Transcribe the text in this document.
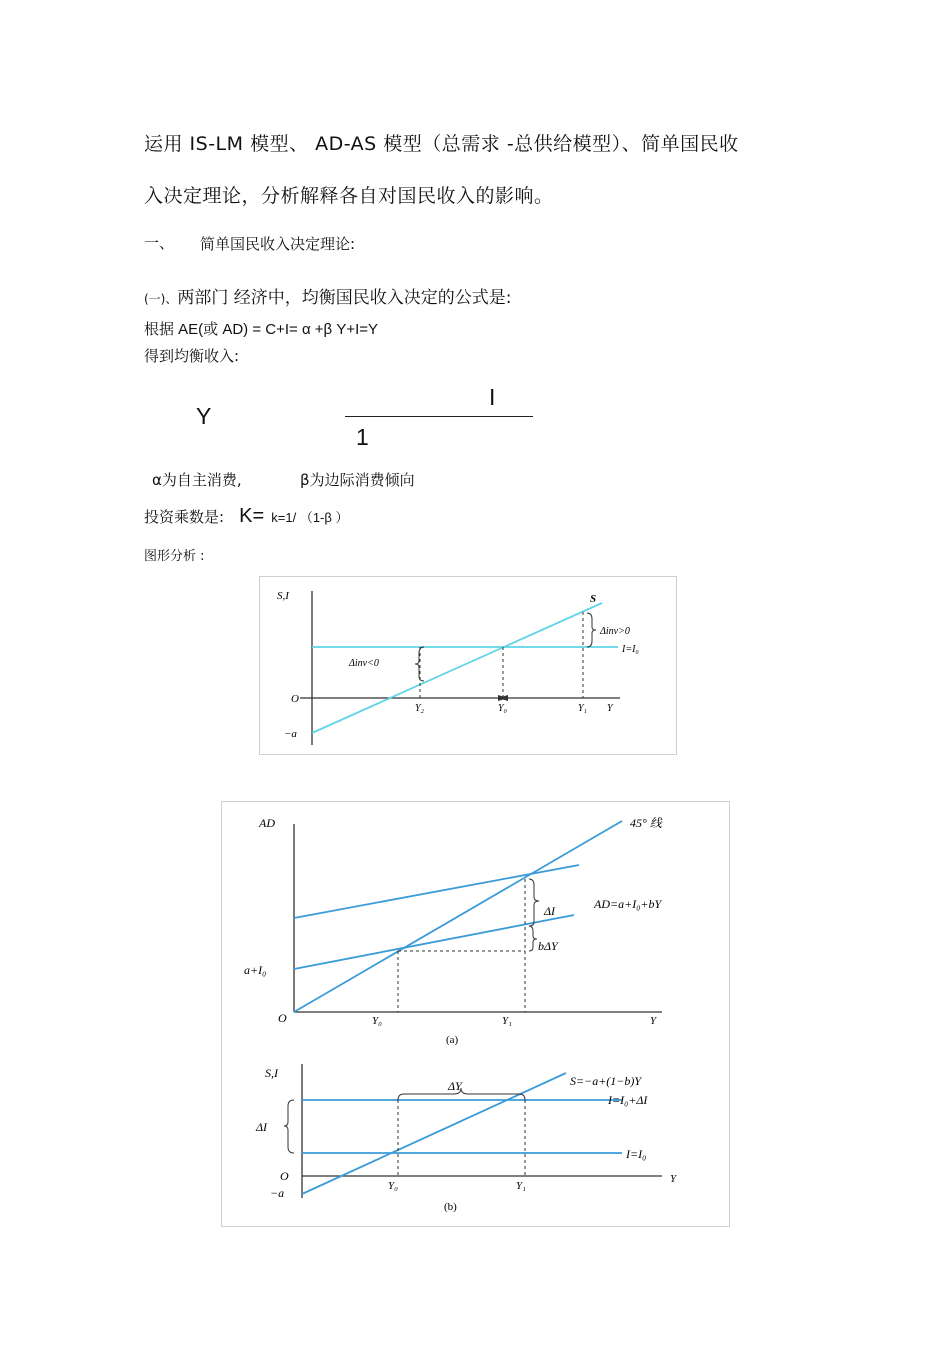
运用 IS-LM 模型、 AD-AS 模型（总需求 -总供给模型）、简单国民收
入决定理论，分析解释各自对国民收入的影响。
一、 简单国民收入决定理论:
(一)、两部门 经济中，均衡国民收入决定的公式是:
根据 AE(或 AD) = C+I= α +β Y+I=Y
得到均衡收入:
Y
I
1
α为自主消费,	β为边际消费倾向
投资乘数是: K= k=1/ （1-β ）
图形分析 :
S,I
O
−a
S
Δinv>0
Δinv<0
I=I₀
Y₂	Y₀	Y₁ Y
AD	45° 线
AD=a+I₀+bY
ΔI
bΔY
a+I₀
O	Y₀	Y₁	Y
(a)
S,I
S=−a+(1−b)Y
ΔY
I=I₀+ΔI
I=I₀
ΔI
O
−a	Y₀	Y₁
Y
(b)
